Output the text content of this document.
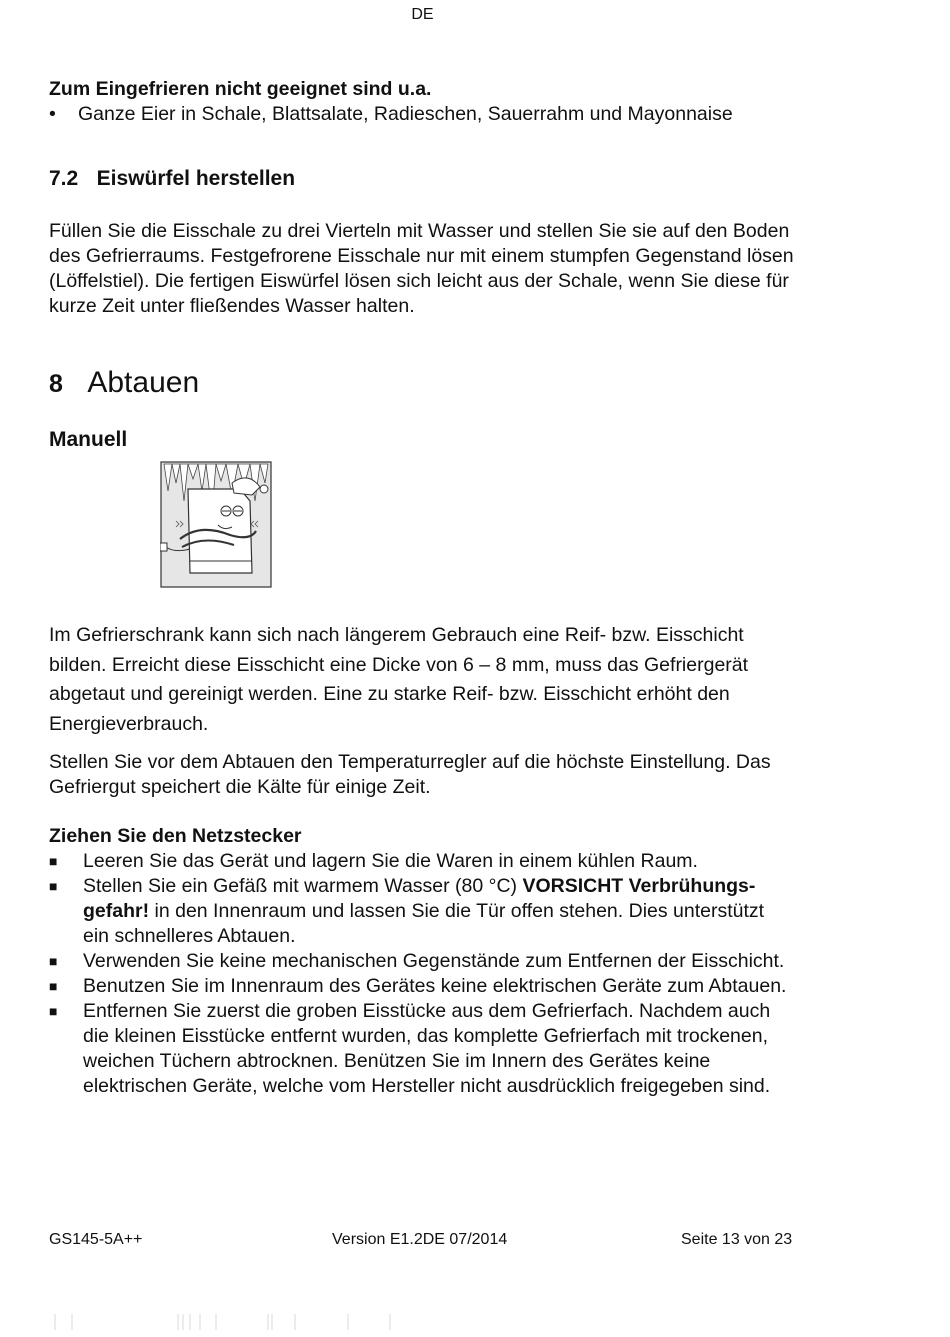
DE
Zum Eingefrieren nicht geeignet sind u.a.
•	Ganze Eier in Schale, Blattsalate, Radieschen, Sauerrahm und Mayonnaise
7.2 Eiswürfel herstellen
Füllen Sie die Eisschale zu drei Vierteln mit Wasser und stellen Sie sie auf den Boden
des Gefrierraums. Festgefrorene Eisschale nur mit einem stumpfen Gegenstand lösen
(Löffelstiel). Die fertigen Eiswürfel lösen sich leicht aus der Schale, wenn Sie diese für
kurze Zeit unter fließendes Wasser halten.
8 Abtauen
Manuell
Im Gefrierschrank kann sich nach längerem Gebrauch eine Reif- bzw. Eisschicht
bilden. Erreicht diese Eisschicht eine Dicke von 6 – 8 mm, muss das Gefriergerät
abgetaut und gereinigt werden. Eine zu starke Reif- bzw. Eisschicht erhöht den
Energieverbrauch.
Stellen Sie vor dem Abtauen den Temperaturregler auf die höchste Einstellung. Das
Gefriergut speichert die Kälte für einige Zeit.
Ziehen Sie den Netzstecker
■	Leeren Sie das Gerät und lagern Sie die Waren in einem kühlen Raum.
■	Stellen Sie ein Gefäß mit warmem Wasser (80 °C) VORSICHT Verbrühungs-
gefahr! in den Innenraum und lassen Sie die Tür offen stehen. Dies unterstützt
ein schnelleres Abtauen.
■	Verwenden Sie keine mechanischen Gegenstände zum Entfernen der Eisschicht.
■	Benutzen Sie im Innenraum des Gerätes keine elektrischen Geräte zum Abtauen.
■	Entfernen Sie zuerst die groben Eisstücke aus dem Gefrierfach. Nachdem auch
die kleinen Eisstücke entfernt wurden, das komplette Gefrierfach mit trockenen,
weichen Tüchern abtrocknen. Benützen Sie im Innern des Gerätes keine
elektrischen Geräte, welche vom Hersteller nicht ausdrücklich freigegeben sind.
GS145-5A++	Version E1.2DE 07/2014	Seite 13 von 23
